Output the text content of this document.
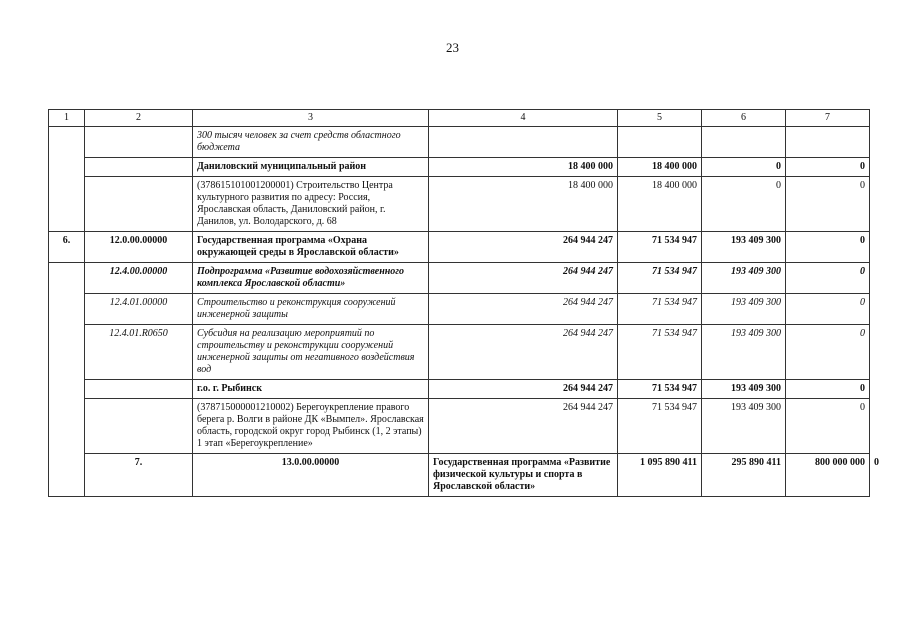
23
1	2	3	4	5	6	7	
		300 тысяч человек за счет средств областного бюджета					
		Даниловский муниципальный район	18 400 000	18 400 000	0	0	
		(378615101001200001) Строительство Центра культурного развития по адресу: Россия, Ярославская область, Даниловский район, г. Данилов, ул. Володарского, д. 68	18 400 000	18 400 000	0	0	
6.	12.0.00.00000	Государственная программа «Охрана окружающей среды в Ярославской области»	264 944 247	71 534 947	193 409 300	0	
	12.4.00.00000	Подпрограмма «Развитие водохозяйственного комплекса Ярославской области»	264 944 247	71 534 947	193 409 300	0	
	12.4.01.00000	Строительство и реконструкция сооружений инженерной защиты	264 944 247	71 534 947	193 409 300	0	
	12.4.01.R0650	Субсидия на реализацию мероприятий по строительству и реконструкции сооружений инженерной защиты от негативного воздействия вод	264 944 247	71 534 947	193 409 300	0	
		г.о. г. Рыбинск	264 944 247	71 534 947	193 409 300	0	
		(378715000001210002) Берегоукрепление правого берега р. Волги в районе ДК «Вымпел». Ярославская область, городской округ город Рыбинск (1, 2 этапы) 1 этап «Берегоукрепление»	264 944 247	71 534 947	193 409 300	0	
	7.	13.0.00.00000	Государственная программа «Развитие физической культуры и спорта в Ярославской области»	1 095 890 411	295 890 411	800 000 000	0
